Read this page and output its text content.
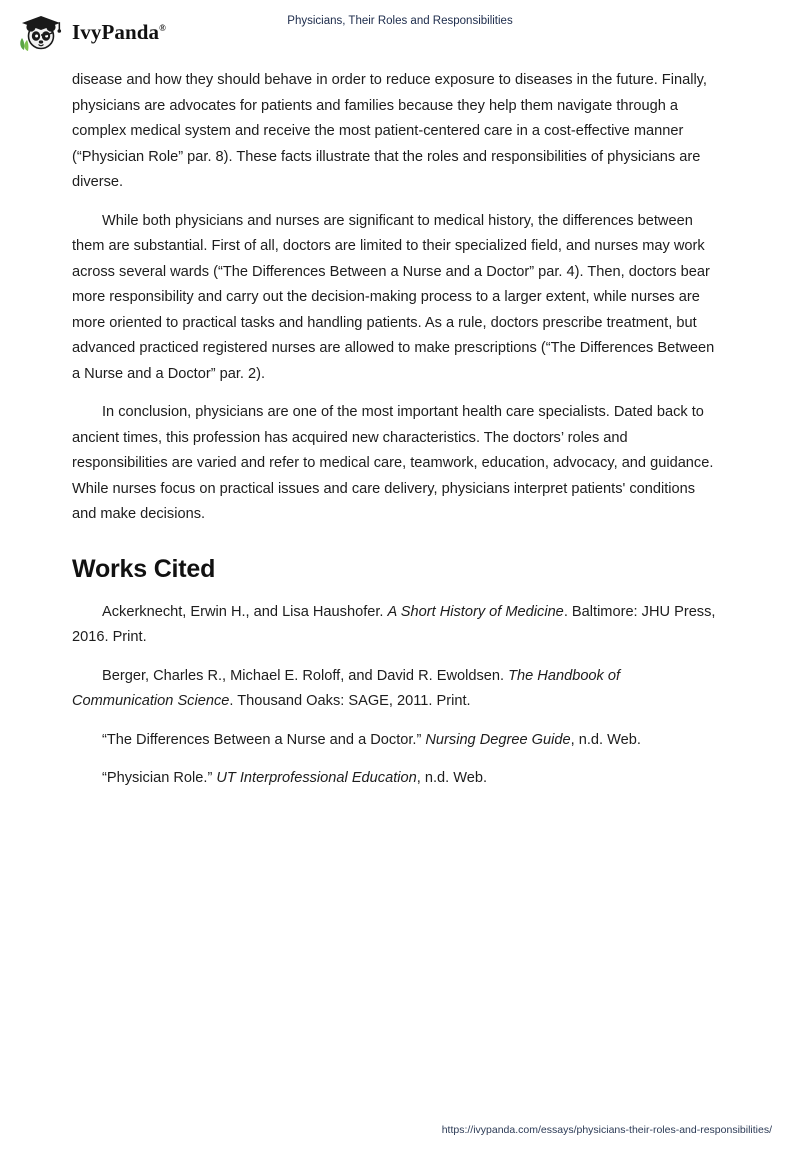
IvyPanda®
Physicians, Their Roles and Responsibilities

disease and how they should behave in order to reduce exposure to diseases in the future. Finally, physicians are advocates for patients and families because they help them navigate through a complex medical system and receive the most patient-centered care in a cost-effective manner (“Physician Role” par. 8). These facts illustrate that the roles and responsibilities of physicians are diverse.

While both physicians and nurses are significant to medical history, the differences between them are substantial. First of all, doctors are limited to their specialized field, and nurses may work across several wards (“The Differences Between a Nurse and a Doctor” par. 4). Then, doctors bear more responsibility and carry out the decision-making process to a larger extent, while nurses are more oriented to practical tasks and handling patients. As a rule, doctors prescribe treatment, but advanced practiced registered nurses are allowed to make prescriptions (“The Differences Between a Nurse and a Doctor” par. 2).

In conclusion, physicians are one of the most important health care specialists. Dated back to ancient times, this profession has acquired new characteristics. The doctors’ roles and responsibilities are varied and refer to medical care, teamwork, education, advocacy, and guidance. While nurses focus on practical issues and care delivery, physicians interpret patients' conditions and make decisions.

Works Cited

Ackerknecht, Erwin H., and Lisa Haushofer. A Short History of Medicine. Baltimore: JHU Press, 2016. Print.

Berger, Charles R., Michael E. Roloff, and David R. Ewoldsen. The Handbook of Communication Science. Thousand Oaks: SAGE, 2011. Print.

“The Differences Between a Nurse and a Doctor.” Nursing Degree Guide, n.d. Web.

“Physician Role.” UT Interprofessional Education, n.d. Web.

https://ivypanda.com/essays/physicians-their-roles-and-responsibilities/
